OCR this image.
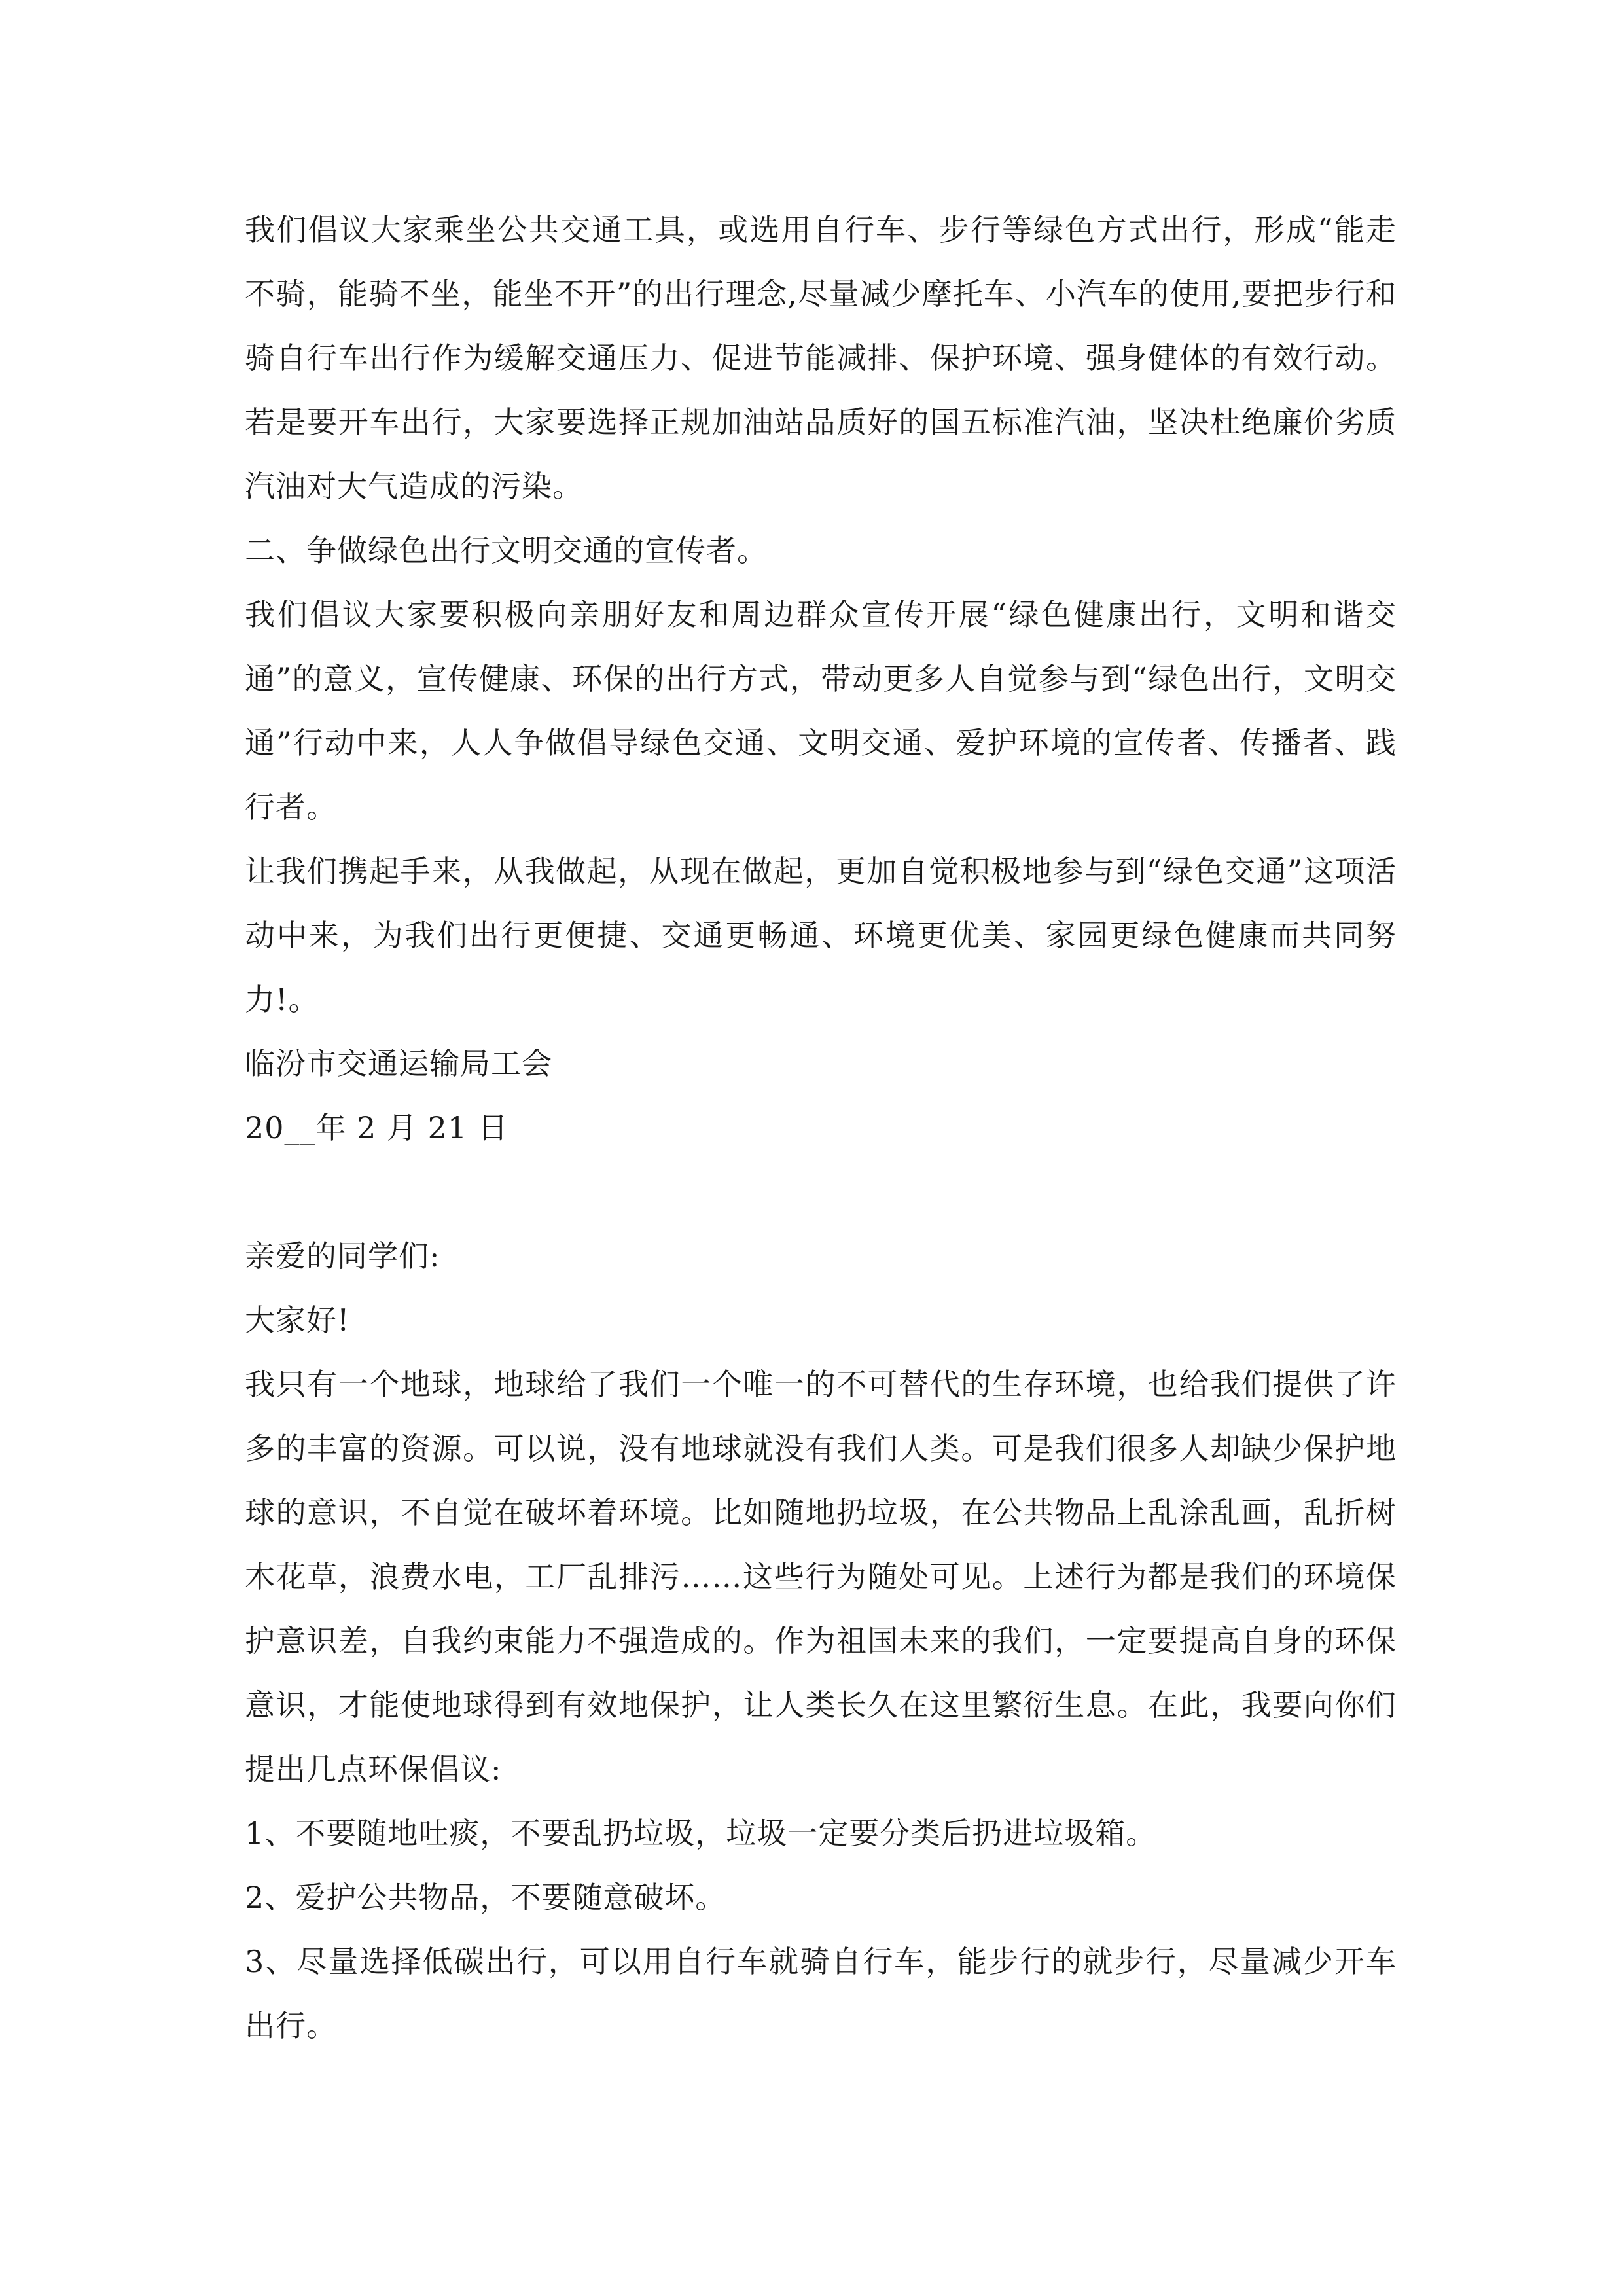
我们倡议大家乘坐公共交通工具，或选用自行车、步行等绿色方式出行，形成“能走不骑，能骑不坐，能坐不开”的出行理念,尽量减少摩托车、小汽车的使用,要把步行和骑自行车出行作为缓解交通压力、促进节能减排、保护环境、强身健体的有效行动。若是要开车出行，大家要选择正规加油站品质好的国五标准汽油，坚决杜绝廉价劣质汽油对大气造成的污染。

二、争做绿色出行文明交通的宣传者。

我们倡议大家要积极向亲朋好友和周边群众宣传开展“绿色健康出行，文明和谐交通”的意义，宣传健康、环保的出行方式，带动更多人自觉参与到“绿色出行，文明交通”行动中来，人人争做倡导绿色交通、文明交通、爱护环境的宣传者、传播者、践行者。

让我们携起手来，从我做起，从现在做起，更加自觉积极地参与到“绿色交通”这项活动中来，为我们出行更便捷、交通更畅通、环境更优美、家园更绿色健康而共同努力!。

临汾市交通运输局工会

20__年 2 月 21 日

亲爱的同学们:

大家好!

我只有一个地球，地球给了我们一个唯一的不可替代的生存环境，也给我们提供了许多的丰富的资源。可以说，没有地球就没有我们人类。可是我们很多人却缺少保护地球的意识，不自觉在破坏着环境。比如随地扔垃圾，在公共物品上乱涂乱画，乱折树木花草，浪费水电，工厂乱排污……这些行为随处可见。上述行为都是我们的环境保护意识差，自我约束能力不强造成的。作为祖国未来的我们，一定要提高自身的环保意识，才能使地球得到有效地保护，让人类长久在这里繁衍生息。在此，我要向你们提出几点环保倡议:

1、不要随地吐痰，不要乱扔垃圾，垃圾一定要分类后扔进垃圾箱。

2、爱护公共物品，不要随意破坏。

3、尽量选择低碳出行，可以用自行车就骑自行车，能步行的就步行，尽量减少开车出行。
